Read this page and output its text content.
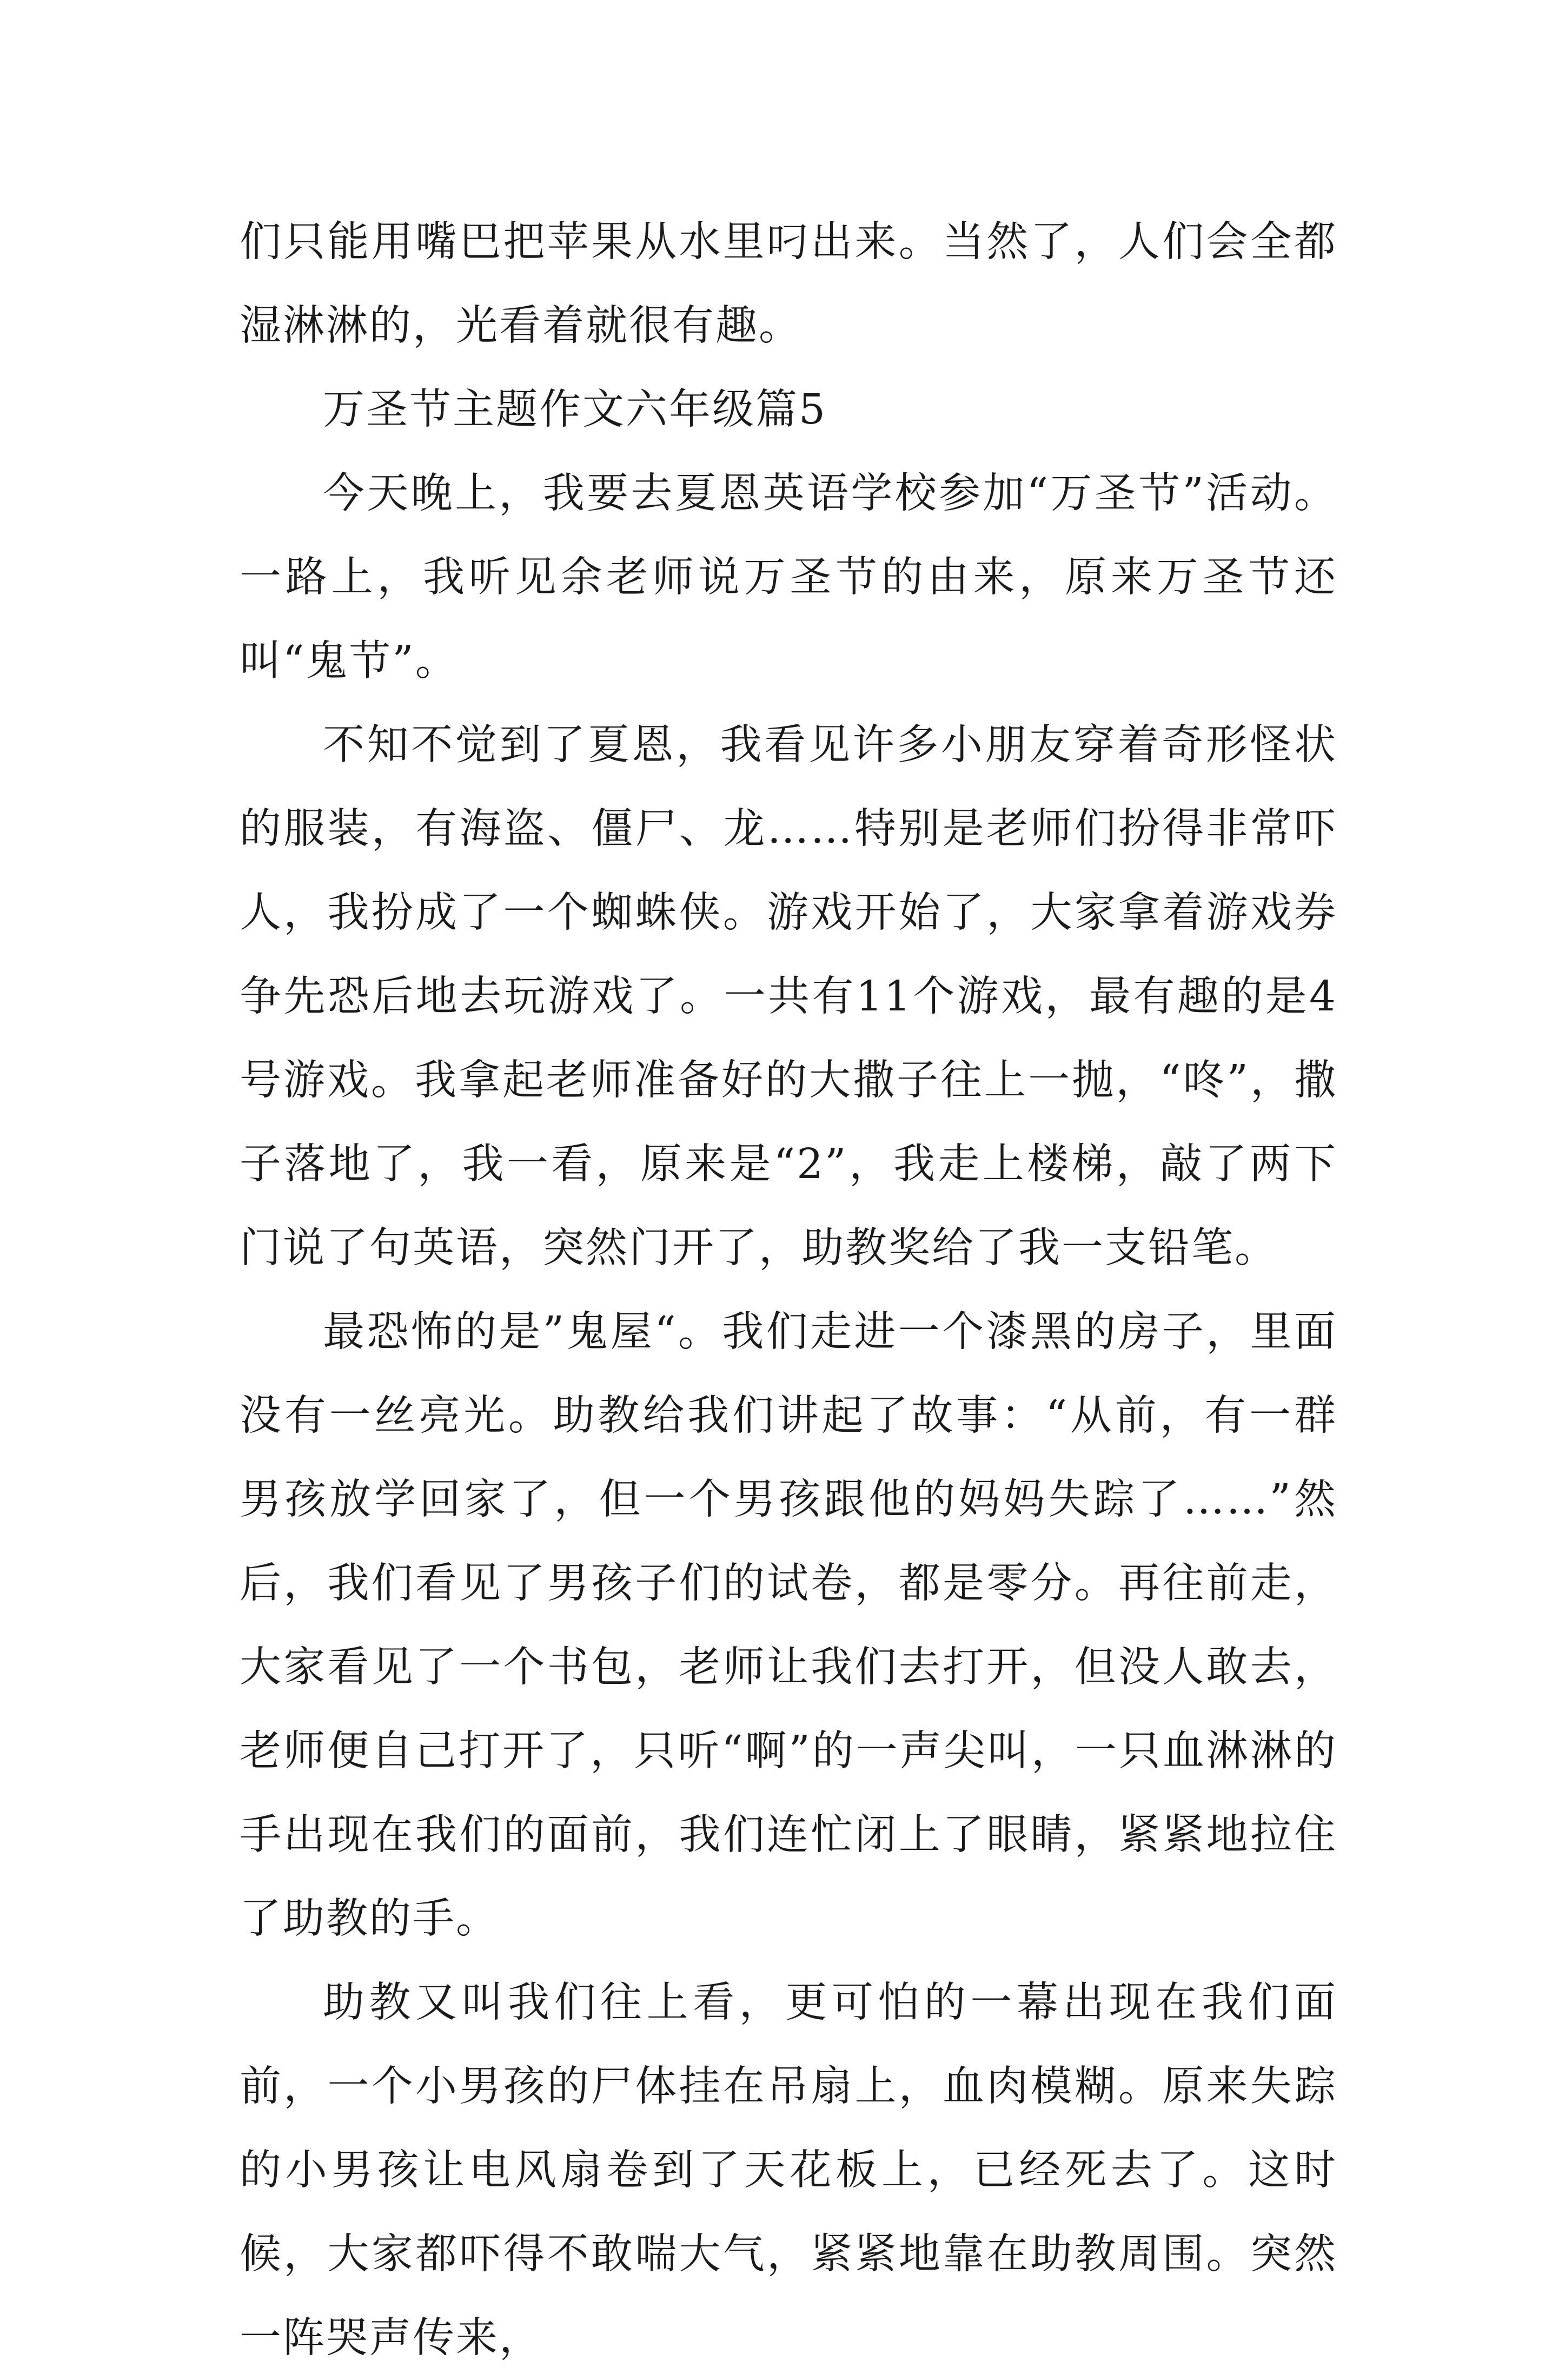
们只能用嘴巴把苹果从水里叼出来。当然了，人们会全都湿淋淋的，光看着就很有趣。

万圣节主题作文六年级篇5

今天晚上，我要去夏恩英语学校参加“万圣节”活动。一路上，我听见余老师说万圣节的由来，原来万圣节还叫“鬼节”。

不知不觉到了夏恩，我看见许多小朋友穿着奇形怪状的服装，有海盗、僵尸、龙……特别是老师们扮得非常吓人，我扮成了一个蜘蛛侠。游戏开始了，大家拿着游戏券争先恐后地去玩游戏了。一共有11个游戏，最有趣的是4号游戏。我拿起老师准备好的大撒子往上一抛，“咚”，撒子落地了，我一看，原来是“2”，我走上楼梯，敲了两下门说了句英语，突然门开了，助教奖给了我一支铅笔。

最恐怖的是”鬼屋“。我们走进一个漆黑的房子，里面没有一丝亮光。助教给我们讲起了故事：“从前，有一群男孩放学回家了，但一个男孩跟他的妈妈失踪了……”然后，我们看见了男孩子们的试卷，都是零分。再往前走，大家看见了一个书包，老师让我们去打开，但没人敢去，老师便自己打开了，只听“啊”的一声尖叫，一只血淋淋的手出现在我们的面前，我们连忙闭上了眼睛，紧紧地拉住了助教的手。

助教又叫我们往上看，更可怕的一幕出现在我们面前，一个小男孩的尸体挂在吊扇上，血肉模糊。原来失踪的小男孩让电风扇卷到了天花板上，已经死去了。这时候，大家都吓得不敢喘大气，紧紧地靠在助教周围。突然一阵哭声传来，
